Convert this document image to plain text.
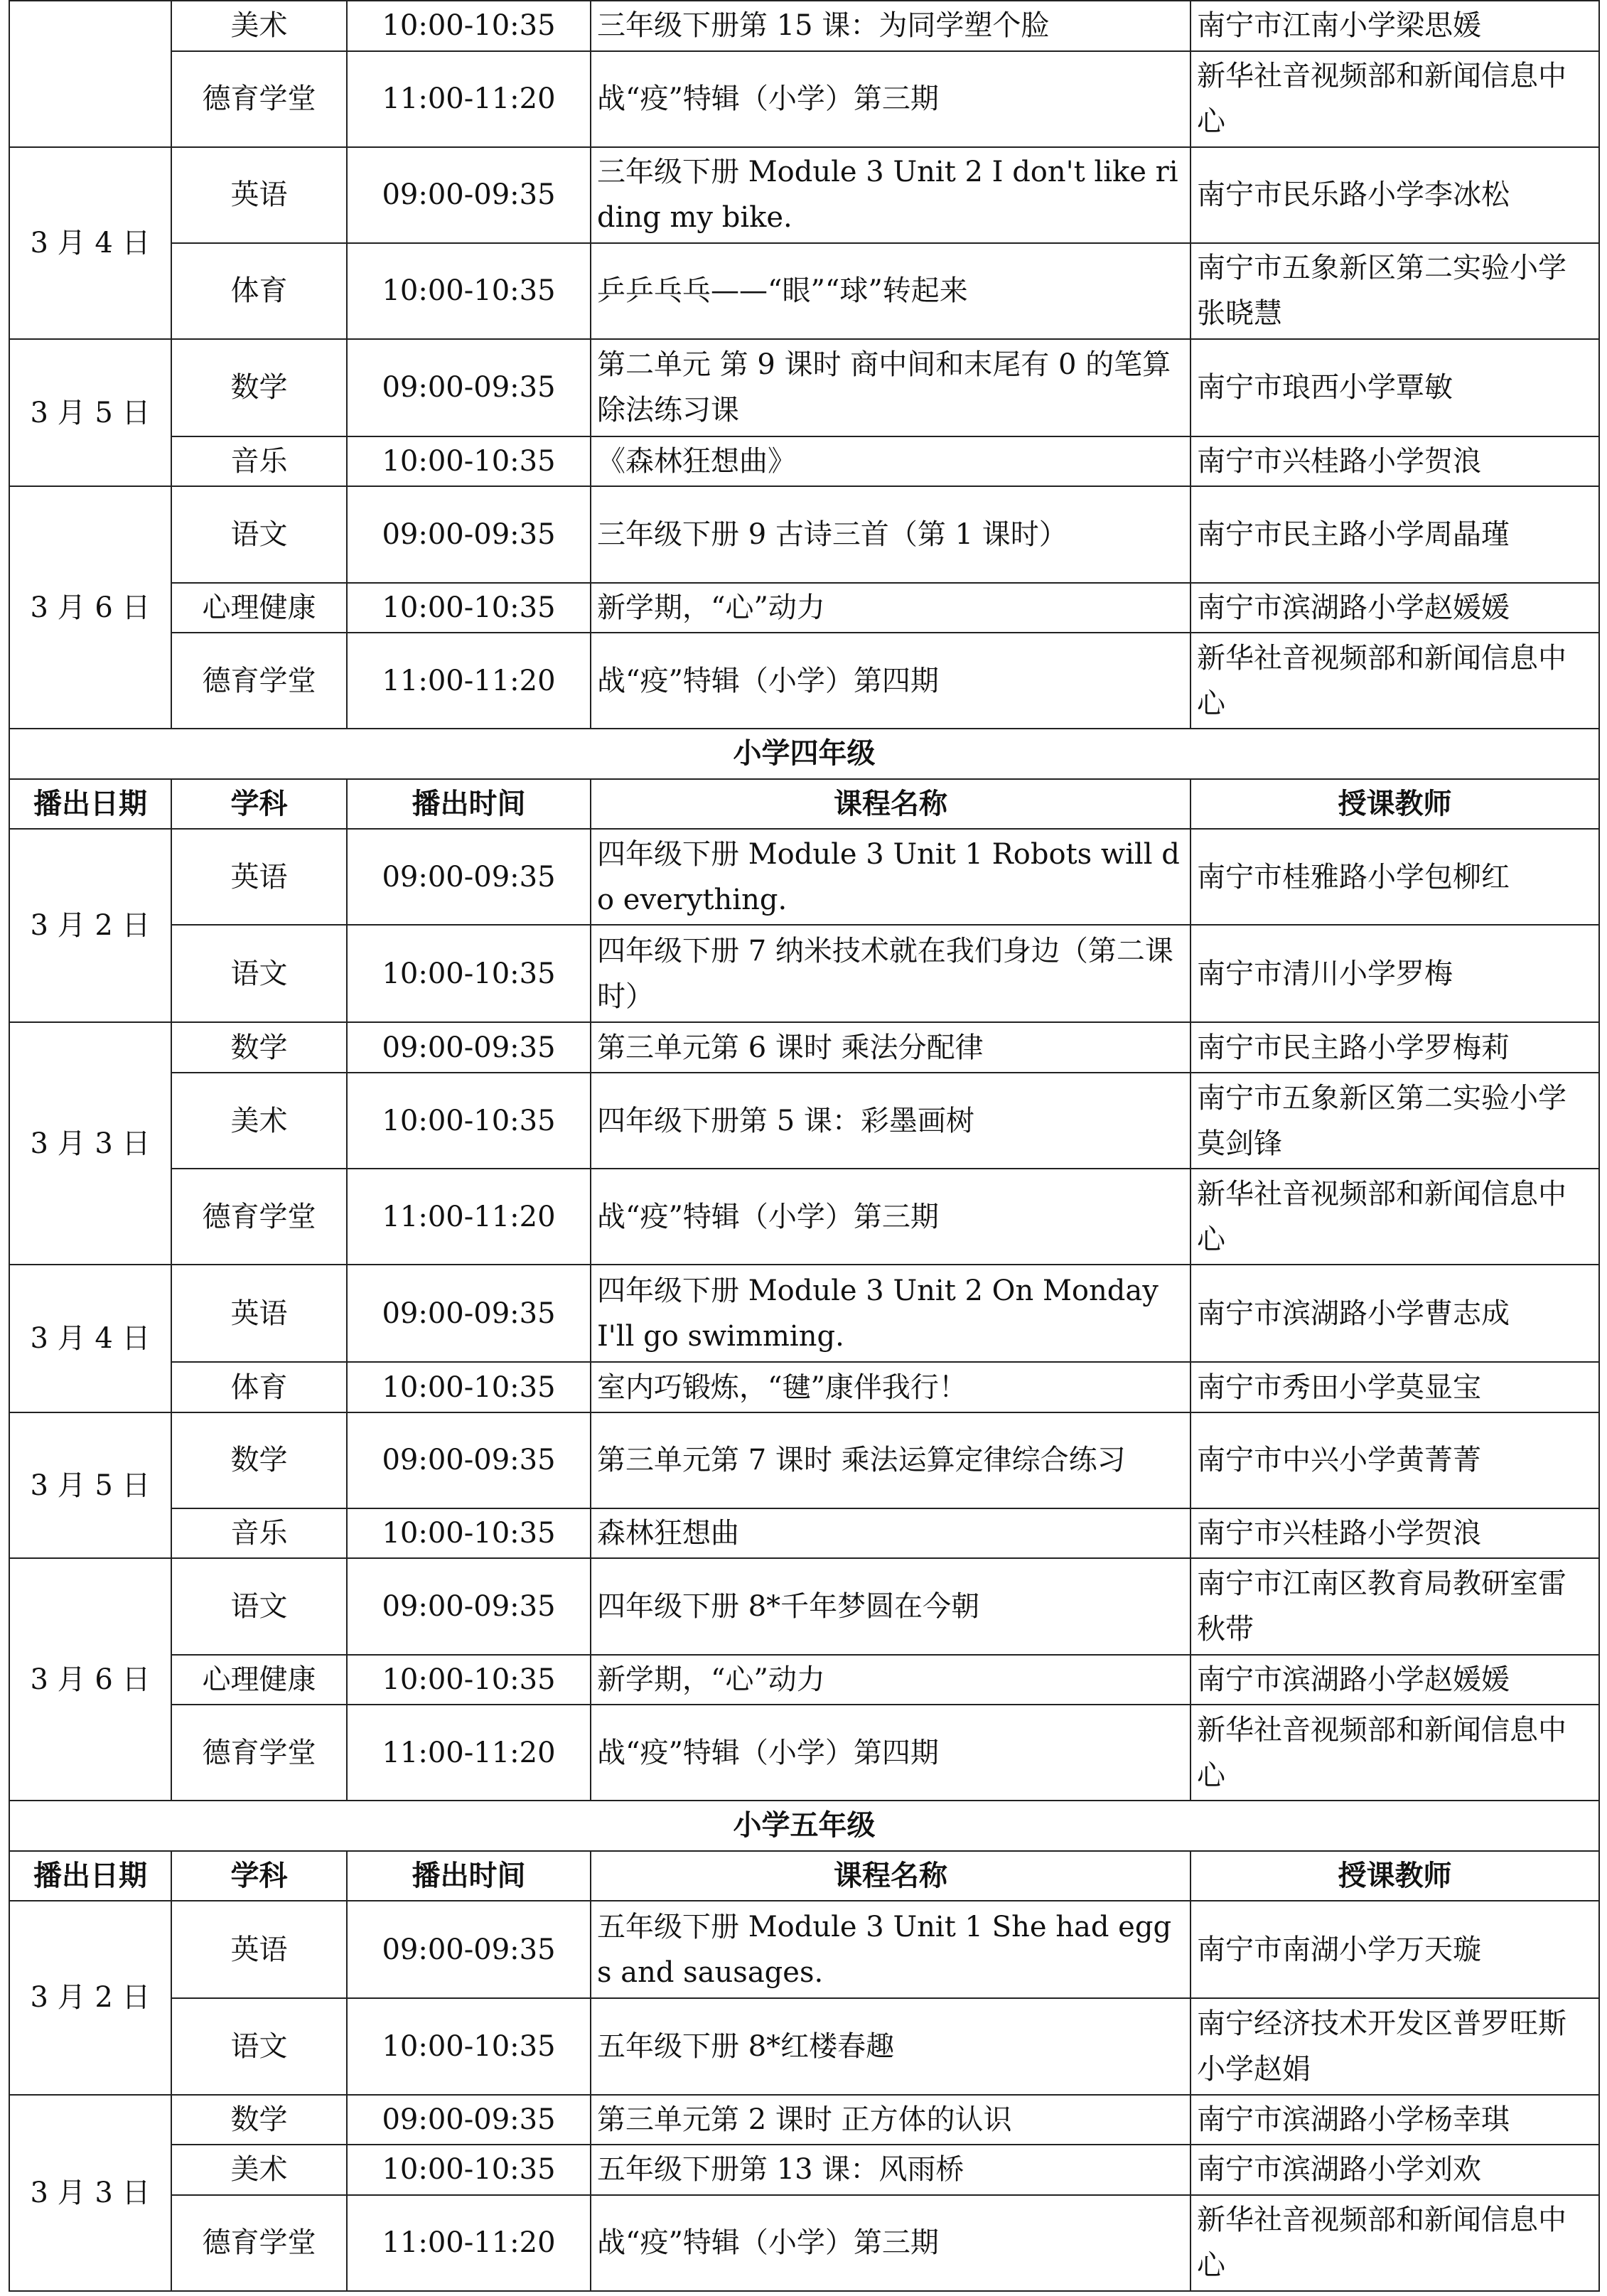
	美术	10:00-10:35	三年级下册第 15 课：为同学塑个脸	南宁市江南小学梁思媛
	德育学堂	11:00-11:20	战“疫”特辑（小学）第三期	新华社音视频部和新闻信息中心
3 月 4 日	英语	09:00-09:35	三年级下册 Module 3 Unit 2 I don't like riding my bike.	南宁市民乐路小学李冰松
	体育	10:00-10:35	乒乒乓乓——“眼”“球”转起来	南宁市五象新区第二实验小学张晓慧
3 月 5 日	数学	09:00-09:35	第二单元 第 9 课时 商中间和末尾有 0 的笔算除法练习课	南宁市琅西小学覃敏
	音乐	10:00-10:35	《森林狂想曲》	南宁市兴桂路小学贺浪
3 月 6 日	语文	09:00-09:35	三年级下册 9 古诗三首（第 1 课时）	南宁市民主路小学周晶瑾
	心理健康	10:00-10:35	新学期，“心”动力	南宁市滨湖路小学赵媛媛
	德育学堂	11:00-11:20	战“疫”特辑（小学）第四期	新华社音视频部和新闻信息中心
小学四年级				
播出日期	学科	播出时间	课程名称	授课教师
3 月 2 日	英语	09:00-09:35	四年级下册 Module 3 Unit 1 Robots will do everything.	南宁市桂雅路小学包柳红
	语文	10:00-10:35	四年级下册 7 纳米技术就在我们身边（第二课时）	南宁市清川小学罗梅
3 月 3 日	数学	09:00-09:35	第三单元第 6 课时 乘法分配律	南宁市民主路小学罗梅莉
	美术	10:00-10:35	四年级下册第 5 课：彩墨画树	南宁市五象新区第二实验小学莫剑锋
	德育学堂	11:00-11:20	战“疫”特辑（小学）第三期	新华社音视频部和新闻信息中心
3 月 4 日	英语	09:00-09:35	四年级下册 Module 3 Unit 2 On Monday I'll go swimming.	南宁市滨湖路小学曹志成
	体育	10:00-10:35	室内巧锻炼，“毽”康伴我行！	南宁市秀田小学莫显宝
3 月 5 日	数学	09:00-09:35	第三单元第 7 课时 乘法运算定律综合练习	南宁市中兴小学黄菁菁
	音乐	10:00-10:35	森林狂想曲	南宁市兴桂路小学贺浪
3 月 6 日	语文	09:00-09:35	四年级下册 8*千年梦圆在今朝	南宁市江南区教育局教研室雷秋带
	心理健康	10:00-10:35	新学期，“心”动力	南宁市滨湖路小学赵媛媛
	德育学堂	11:00-11:20	战“疫”特辑（小学）第四期	新华社音视频部和新闻信息中心
小学五年级				
播出日期	学科	播出时间	课程名称	授课教师
3 月 2 日	英语	09:00-09:35	五年级下册 Module 3 Unit 1 She had eggs and sausages.	南宁市南湖小学万天璇
	语文	10:00-10:35	五年级下册 8*红楼春趣	南宁经济技术开发区普罗旺斯小学赵娟
3 月 3 日	数学	09:00-09:35	第三单元第 2 课时 正方体的认识	南宁市滨湖路小学杨幸琪
	美术	10:00-10:35	五年级下册第 13 课：风雨桥	南宁市滨湖路小学刘欢
	德育学堂	11:00-11:20	战“疫”特辑（小学）第三期	新华社音视频部和新闻信息中心
